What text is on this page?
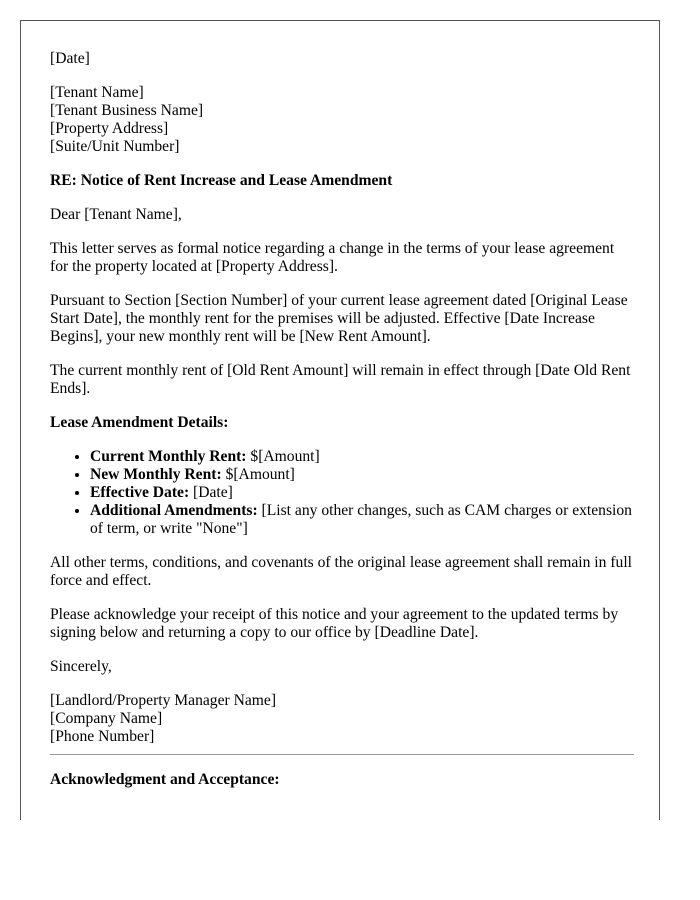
[Date]

[Tenant Name]
[Tenant Business Name]
[Property Address]
[Suite/Unit Number]

RE: Notice of Rent Increase and Lease Amendment

Dear [Tenant Name],

This letter serves as formal notice regarding a change in the terms of your lease agreement for the property located at [Property Address].

Pursuant to Section [Section Number] of your current lease agreement dated [Original Lease Start Date], the monthly rent for the premises will be adjusted. Effective [Date Increase Begins], your new monthly rent will be [New Rent Amount].

The current monthly rent of [Old Rent Amount] will remain in effect through [Date Old Rent Ends].

Lease Amendment Details:

• Current Monthly Rent: $[Amount]
• New Monthly Rent: $[Amount]
• Effective Date: [Date]
• Additional Amendments: [List any other changes, such as CAM charges or extension of term, or write "None"]

All other terms, conditions, and covenants of the original lease agreement shall remain in full force and effect.

Please acknowledge your receipt of this notice and your agreement to the updated terms by signing below and returning a copy to our office by [Deadline Date].

Sincerely,

[Landlord/Property Manager Name]
[Company Name]
[Phone Number]

Acknowledgment and Acceptance:
